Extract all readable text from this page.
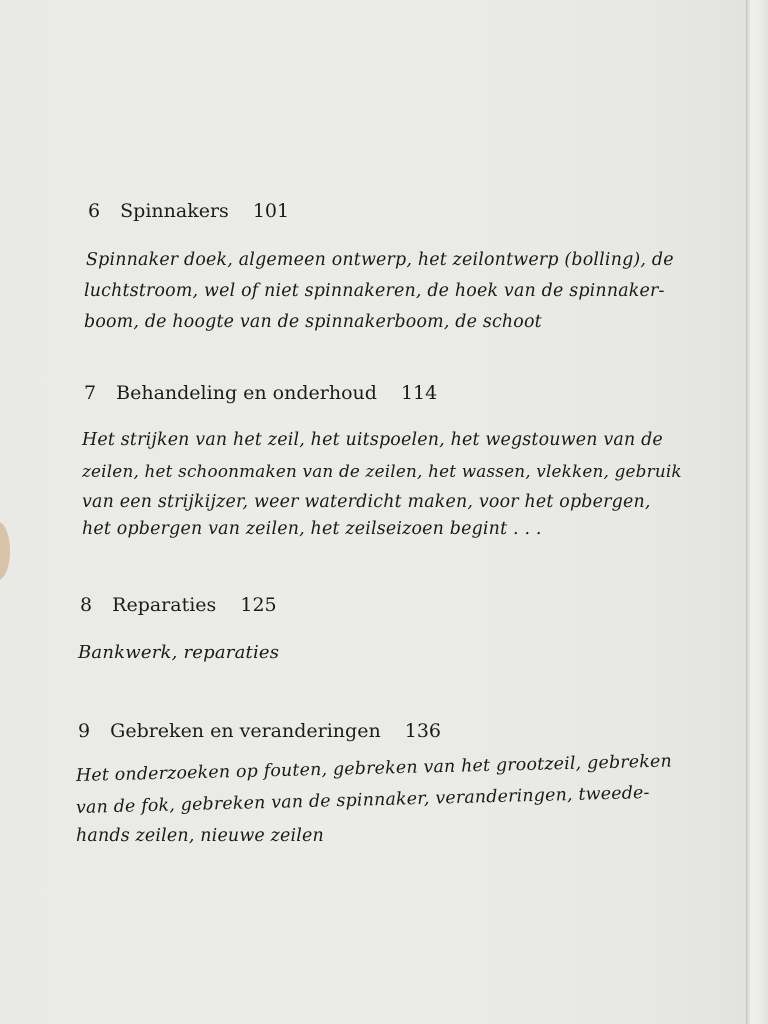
6 Spinnakers 101
Spinnaker doek, algemeen ontwerp, het zeilontwerp (bolling), de
luchtstroom, wel of niet spinnakeren, de hoek van de spinnaker-
boom, de hoogte van de spinnakerboom, de schoot
7 Behandeling en onderhoud 114
Het strijken van het zeil, het uitspoelen, het wegstouwen van de
zeilen, het schoonmaken van de zeilen, het wassen, vlekken, gebruik
van een strijkijzer, weer waterdicht maken, voor het opbergen,
het opbergen van zeilen, het zeilseizoen begint . . .
8 Reparaties 125
Bankwerk, reparaties
9 Gebreken en veranderingen 136
Het onderzoeken op fouten, gebreken van het grootzeil, gebreken
van de fok, gebreken van de spinnaker, veranderingen, tweede-
hands zeilen, nieuwe zeilen
